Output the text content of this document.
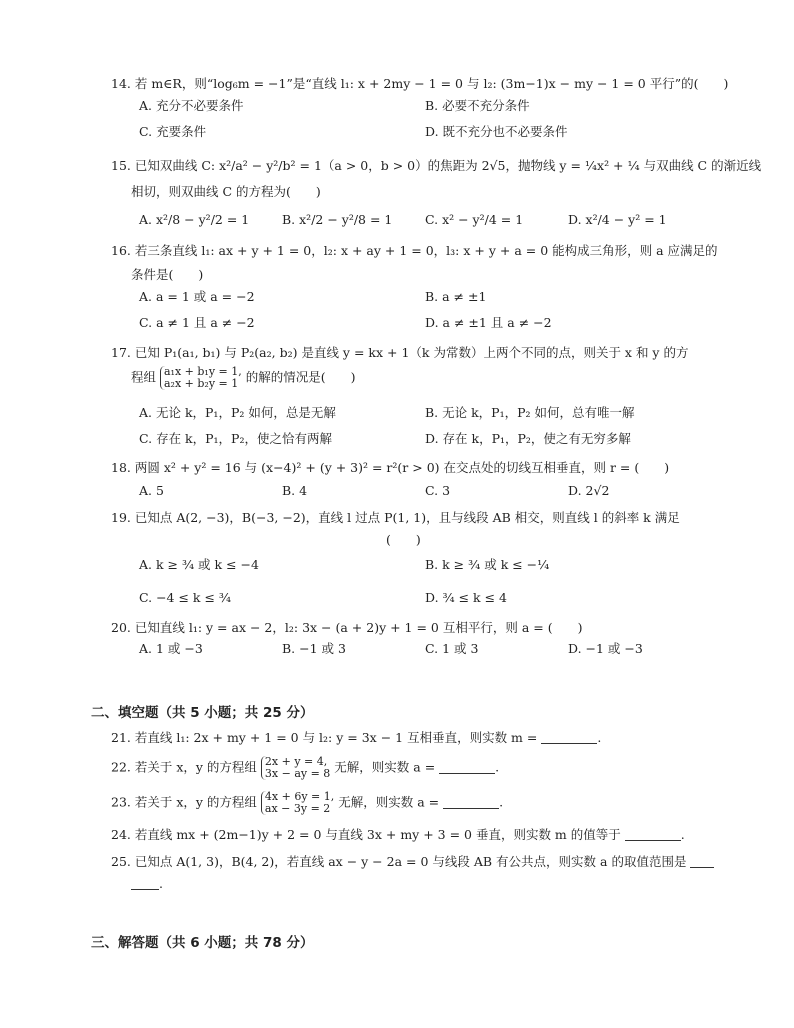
14. 若 m∈R，则“log₆m = −1”是“直线 l₁: x + 2my − 1 = 0 与 l₂: (3m−1)x − my − 1 = 0 平行”的(　　)
A. 充分不必要条件	B. 必要不充分条件
C. 充要条件	D. 既不充分也不必要条件
15. 已知双曲线 C: x²/a² − y²/b² = 1（a > 0，b > 0）的焦距为 2√5，抛物线 y = ¼x² + ¼ 与双曲线 C 的渐近线
相切，则双曲线 C 的方程为(　　)
A. x²/8 − y²/2 = 1	B. x²/2 − y²/8 = 1	C. x² − y²/4 = 1	D. x²/4 − y² = 1
16. 若三条直线 l₁: ax + y + 1 = 0，l₂: x + ay + 1 = 0，l₃: x + y + a = 0 能构成三角形，则 a 应满足的
条件是(　　)
A. a = 1 或 a = −2	B. a ≠ ±1
C. a ≠ 1 且 a ≠ −2	D. a ≠ ±1 且 a ≠ −2
17. 已知 P₁(a₁, b₁) 与 P₂(a₂, b₂) 是直线 y = kx + 1（k 为常数）上两个不同的点，则关于 x 和 y 的方
程组 a₁x + b₁y = 1,
a₂x + b₂y = 1 的解的情况是(　　)
A. 无论 k，P₁，P₂ 如何，总是无解	B. 无论 k，P₁，P₂ 如何，总有唯一解
C. 存在 k，P₁，P₂，使之恰有两解	D. 存在 k，P₁，P₂，使之有无穷多解
18. 两圆 x² + y² = 16 与 (x−4)² + (y + 3)² = r²(r > 0) 在交点处的切线互相垂直，则 r = (　　)
A. 5	B. 4	C. 3	D. 2√2
19. 已知点 A(2, −3)，B(−3, −2)，直线 l 过点 P(1, 1)，且与线段 AB 相交，则直线 l 的斜率 k 满足
(　　)
A. k ≥ ¾ 或 k ≤ −4	B. k ≥ ¾ 或 k ≤ −¼
C. −4 ≤ k ≤ ¾	D. ¾ ≤ k ≤ 4
20. 已知直线 l₁: y = ax − 2，l₂: 3x − (a + 2)y + 1 = 0 互相平行，则 a = (　　)
A. 1 或 −3	B. −1 或 3	C. 1 或 3	D. −1 或 −3
二、填空题（共 5 小题；共 25 分）
21. 若直线 l₁: 2x + my + 1 = 0 与 l₂: y = 3x − 1 互相垂直，则实数 m =	.
22. 若关于 x，y 的方程组 2x + y = 4,
3x − ay = 8 无解，则实数 a =	.
23. 若关于 x，y 的方程组 4x + 6y = 1,
ax − 3y = 2 无解，则实数 a =	.
24. 若直线 mx + (2m−1)y + 2 = 0 与直线 3x + my + 3 = 0 垂直，则实数 m 的值等于	.
25. 已知点 A(1, 3)，B(4, 2)，若直线 ax − y − 2a = 0 与线段 AB 有公共点，则实数 a 的取值范围是
.
三、解答题（共 6 小题；共 78 分）
